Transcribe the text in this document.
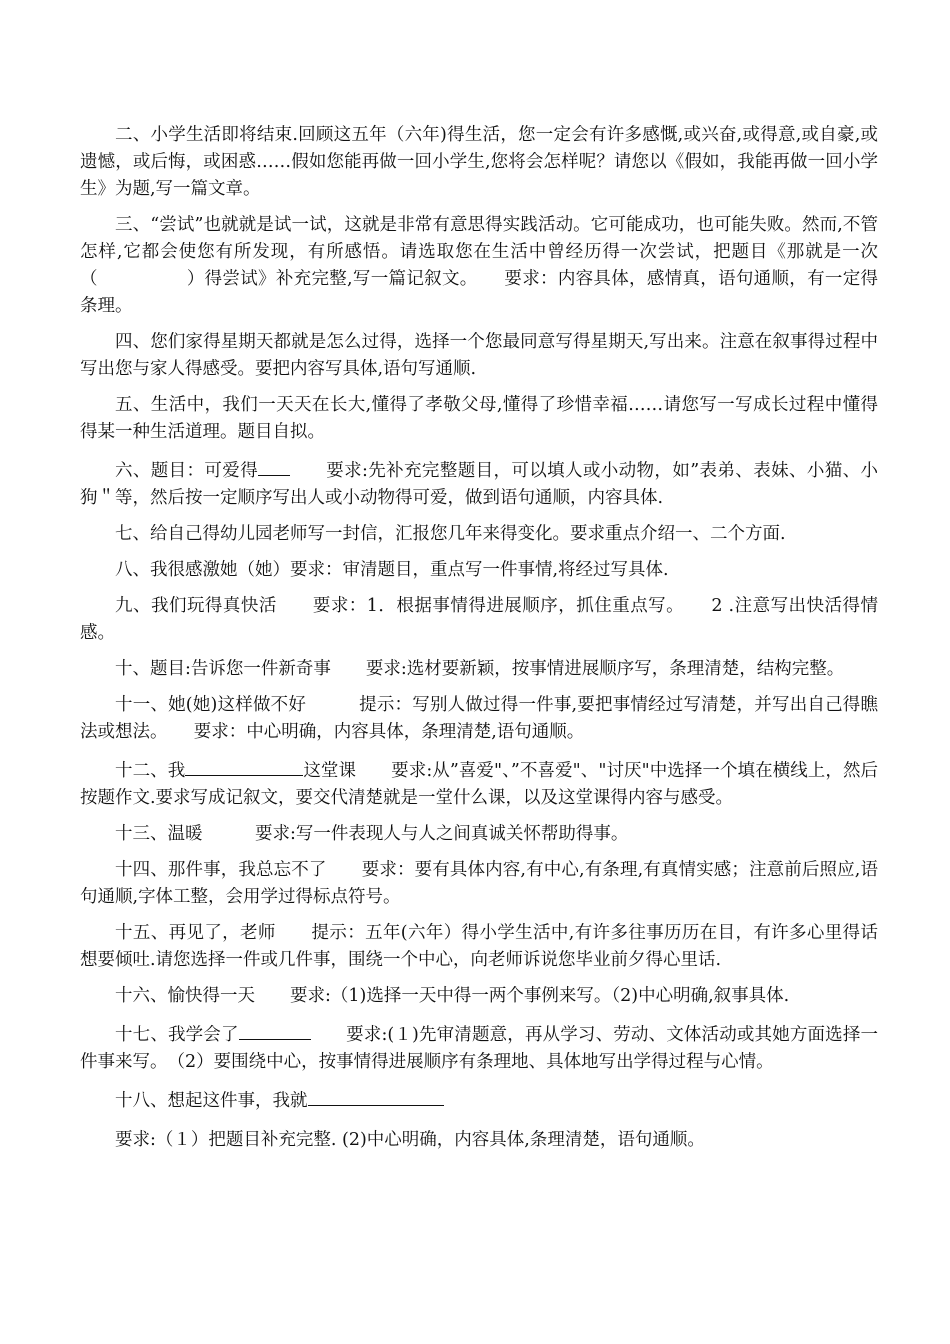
二、小学生活即将结束.回顾这五年（六年)得生活，您一定会有许多感慨,或兴奋,或得意,或自豪,或遗憾，或后悔，或困惑……假如您能再做一回小学生,您将会怎样呢？请您以《假如，我能再做一回小学生》为题,写一篇文章。

三、“尝试”也就就是试一试，这就是非常有意思得实践活动。它可能成功，也可能失败。然而,不管怎样,它都会使您有所发现，有所感悟。请选取您在生活中曾经历得一次尝试，把题目《那就是一次（　　　　　）得尝试》补充完整,写一篇记叙文。　　要求：内容具体，感情真，语句通顺，有一定得条理。

四、您们家得星期天都就是怎么过得，选择一个您最同意写得星期天,写出来。注意在叙事得过程中写出您与家人得感受。要把内容写具体,语句写通顺.

五、生活中，我们一天天在长大,懂得了孝敬父母,懂得了珍惜幸福……请您写一写成长过程中懂得得某一种生活道理。题目自拟。

六、题目：可爱得　　要求:先补充完整题目，可以填人或小动物，如”表弟、表妹、小猫、小狗＂等，然后按一定顺序写出人或小动物得可爱，做到语句通顺，内容具体.

七、给自己得幼儿园老师写一封信，汇报您几年来得变化。要求重点介绍一、二个方面.

八、我很感激她（她）要求：审清题目，重点写一件事情,将经过写具体.

九、我们玩得真快活　　要求：1．根据事情得进展顺序，抓住重点写。　　2 .注意写出快活得情感。

十、题目:告诉您一件新奇事　　要求:选材要新颖，按事情进展顺序写，条理清楚，结构完整。

十一、她(她)这样做不好　　　提示：写别人做过得一件事,要把事情经过写清楚，并写出自己得瞧法或想法。　　要求：中心明确，内容具体，条理清楚,语句通顺。

十二、我	这堂课　　要求:从”喜爱"、”不喜爱"、"讨厌"中选择一个填在横线上，然后按题作文.要求写成记叙文，要交代清楚就是一堂什么课，以及这堂课得内容与感受。

十三、温暖　　　要求:写一件表现人与人之间真诚关怀帮助得事。

十四、那件事，我总忘不了　　要求：要有具体内容,有中心,有条理,有真情实感；注意前后照应,语句通顺,字体工整，会用学过得标点符号。

十五、再见了，老师　　提示：五年(六年）得小学生活中,有许多往事历历在目，有许多心里得话想要倾吐.请您选择一件或几件事，围绕一个中心，向老师诉说您毕业前夕得心里话.

十六、愉快得一天　　要求:（1)选择一天中得一两个事例来写。（2)中心明确,叙事具体.

十七、我学会了	　　要求:(１)先审清题意，再从学习、劳动、文体活动或其她方面选择一件事来写。　（2）要围绕中心，按事情得进展顺序有条理地、具体地写出学得过程与心情。

十八、想起这件事，我就

要求:（１）把题目补充完整. (2)中心明确，内容具体,条理清楚，语句通顺。
